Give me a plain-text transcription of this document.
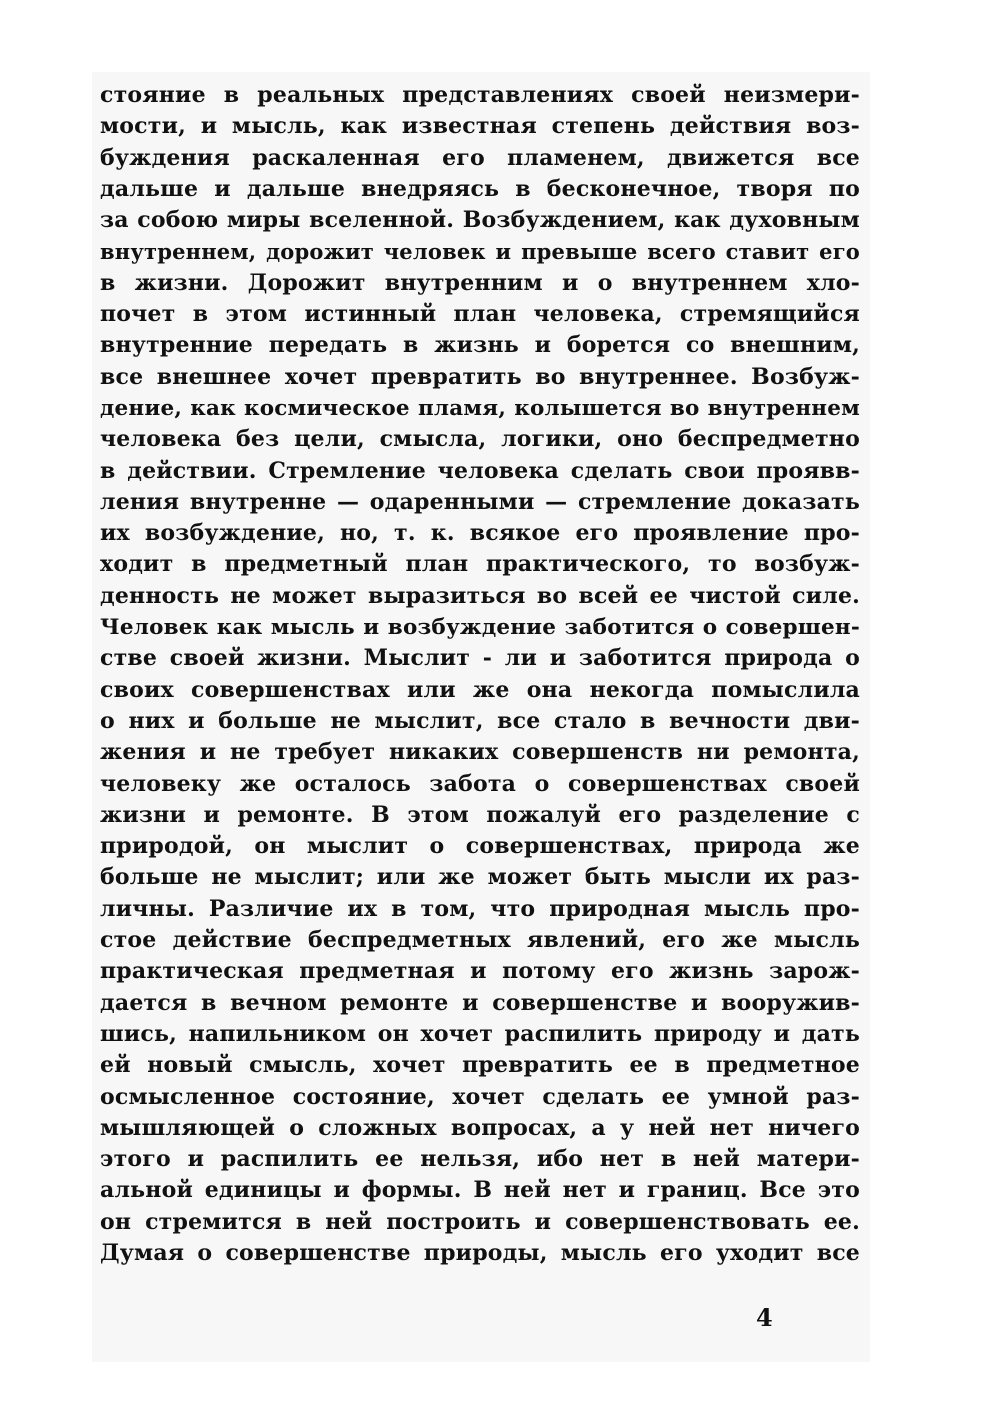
стояние в реальных представлениях своей неизмери-
мости, и мысль, как известная степень действия воз-
буждения раскаленная его пламенем, движется все
дальше и дальше внедряясь в бесконечное, творя по
за собою миры вселенной. Возбуждением, как духовным
внутреннем, дорожит человек и превыше всего ставит его
в жизни. Дорожит внутренним и о внутреннем хло-
почет в этом истинный план человека, стремящийся
внутренние передать в жизнь и борется со внешним,
все внешнее хочет превратить во внутреннее. Возбуж-
дение, как космическое пламя, колышется во внутреннем
человека без цели, смысла, логики, оно беспредметно
в действии. Стремление человека сделать свои проявв-
ления внутренне — одаренными — стремление доказать
их возбуждение, но, т. к. всякое его проявление про-
ходит в предметный план практического, то возбуж-
денность не может выразиться во всей ее чистой силе.
Человек как мысль и возбуждение заботится о совершен-
стве своей жизни. Мыслит - ли и заботится природа о
своих совершенствах или же она некогда помыслила
о них и больше не мыслит, все стало в вечности дви-
жения и не требует никаких совершенств ни ремонта,
человеку же осталось забота о совершенствах своей
жизни и ремонте. В этом пожалуй его разделение с
природой, он мыслит о совершенствах, природа же
больше не мыслит; или же может быть мысли их раз-
личны. Различие их в том, что природная мысль про-
стое действие беспредметных явлений, его же мысль
практическая предметная и потому его жизнь зарож-
дается в вечном ремонте и совершенстве и вооружив-
шись, напильником он хочет распилить природу и дать
ей новый смысль, хочет превратить ее в предметное
осмысленное состояние, хочет сделать ее умной раз-
мышляющей о сложных вопросах, а у ней нет ничего
этого и распилить ее нельзя, ибо нет в ней матери-
альной единицы и формы. В ней нет и границ. Все это
он стремится в ней построить и совершенствовать ее.
Думая о совершенстве природы, мысль его уходит все
4
